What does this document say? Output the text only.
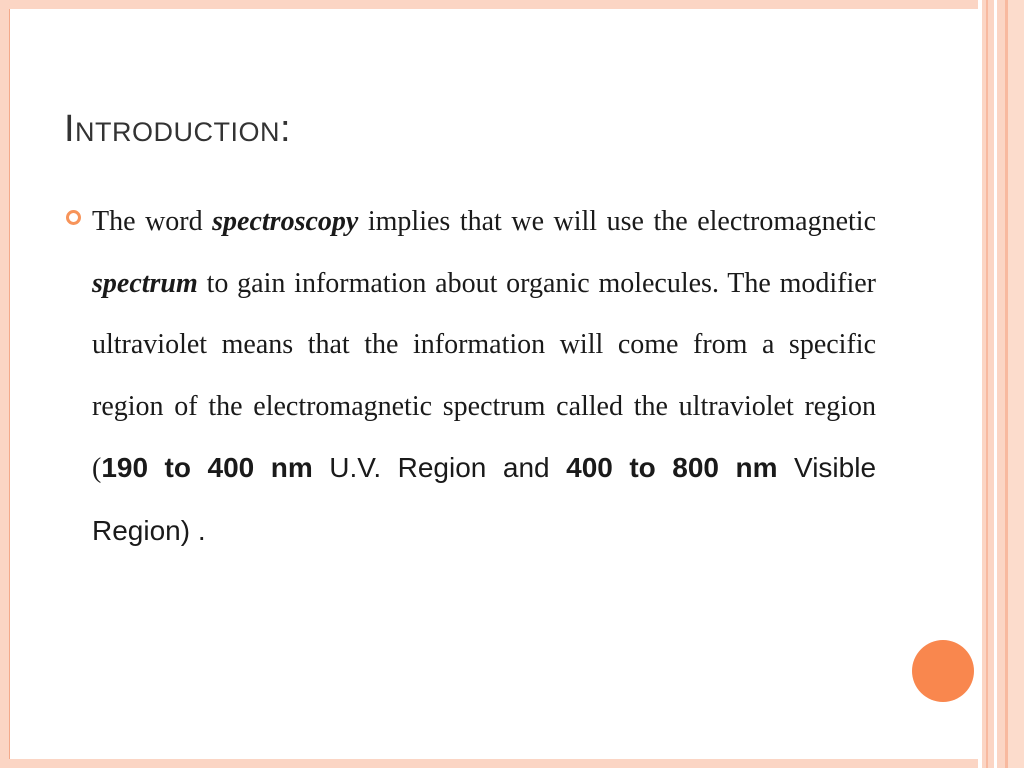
Introduction:

The word spectroscopy implies that we will use the electromagnetic spectrum to gain information about organic molecules. The modifier ultraviolet means that the information will come from a specific region of the electromagnetic spectrum called the ultraviolet region (190 to 400 nm U.V. Region and 400 to 800 nm Visible Region) .
